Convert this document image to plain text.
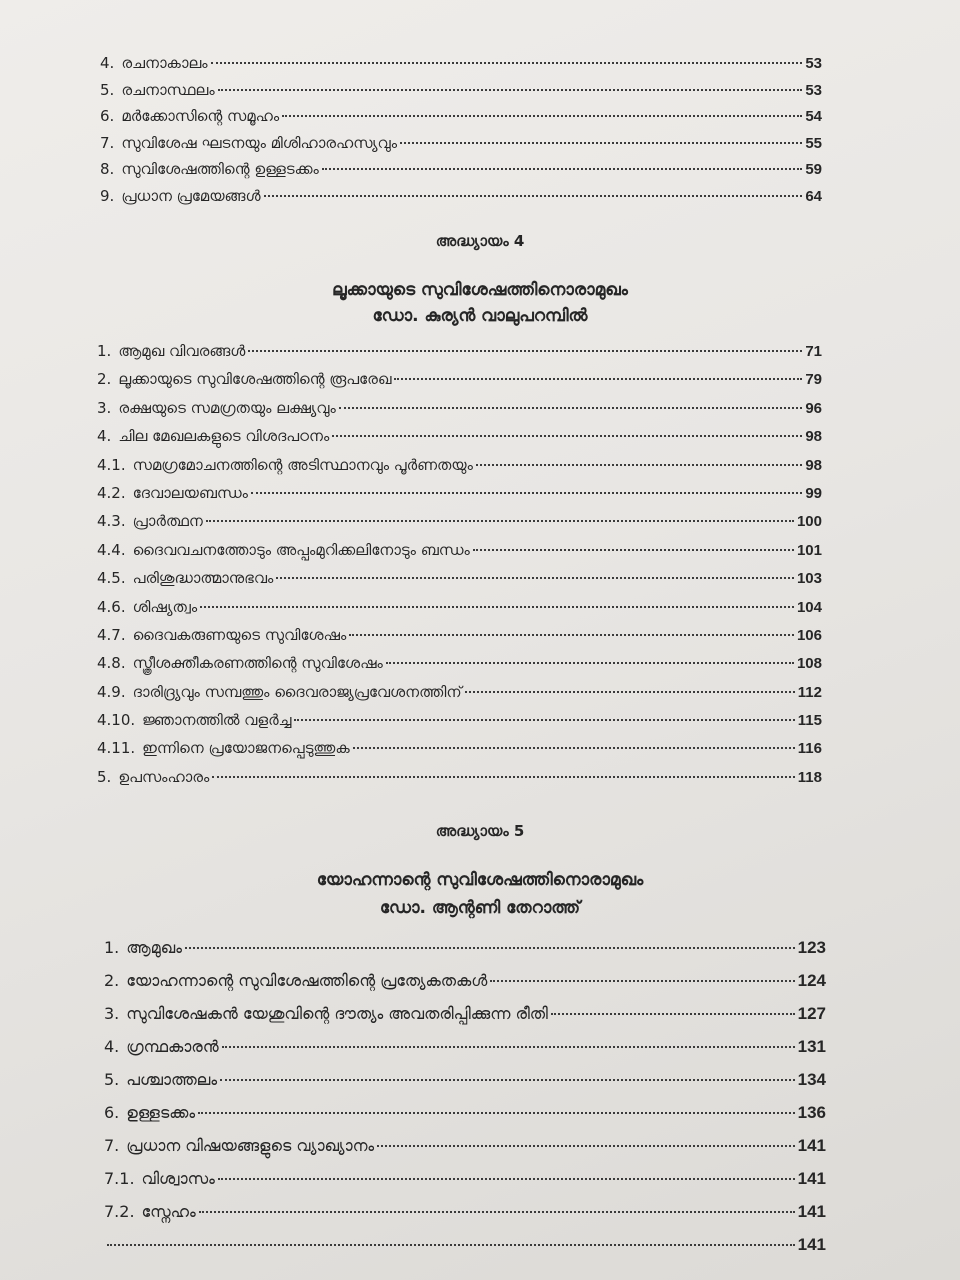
4. രചനാകാലം	53
5. രചനാസ്ഥലം	53
6. മർക്കോസിന്റെ സമൂഹം	54
7. സുവിശേഷ ഘടനയും മിശിഹാരഹസ്യവും	55
8. സുവിശേഷത്തിന്റെ ഉള്ളടക്കം	59
9. പ്രധാന പ്രമേയങ്ങൾ	64
അദ്ധ്യായം 4
ലൂക്കായുടെ സുവിശേഷത്തിനൊരാമുഖം
ഡോ. കുര്യൻ വാലുപറമ്പിൽ
1. ആമുഖ വിവരങ്ങൾ	71
2. ലൂക്കായുടെ സുവിശേഷത്തിന്റെ രൂപരേഖ	79
3. രക്ഷയുടെ സമഗ്രതയും ലക്ഷ്യവും	96
4. ചില മേഖലകളുടെ വിശദപഠനം	98
4.1. സമഗ്രമോചനത്തിന്റെ അടിസ്ഥാനവും പൂർണതയും	98
4.2. ദേവാലയബന്ധം	99
4.3. പ്രാർത്ഥന	100
4.4. ദൈവവചനത്തോടും അപ്പംമുറിക്കലിനോടും ബന്ധം	101
4.5. പരിശുദ്ധാത്മാനുഭവം	103
4.6. ശിഷ്യത്വം	104
4.7. ദൈവകരുണയുടെ സുവിശേഷം	106
4.8. സ്ത്രീശക്തീകരണത്തിന്റെ സുവിശേഷം	108
4.9. ദാരിദ്ര്യവും സമ്പത്തും ദൈവരാജ്യപ്രവേശനത്തിന്	112
4.10. ജ്ഞാനത്തിൽ വളർച്ച	115
4.11. ഇന്നിനെ പ്രയോജനപ്പെടുത്തുക	116
5. ഉപസംഹാരം	118
അദ്ധ്യായം 5
യോഹന്നാന്റെ സുവിശേഷത്തിനൊരാമുഖം
ഡോ. ആന്റണി തേറാത്ത്
1. ആമുഖം	123
2. യോഹന്നാന്റെ സുവിശേഷത്തിന്റെ പ്രത്യേകതകൾ	124
3. സുവിശേഷകൻ യേശുവിന്റെ ദൗത്യം അവതരിപ്പിക്കുന്ന രീതി	127
4. ഗ്രന്ഥകാരൻ	131
5. പശ്ചാത്തലം	134
6. ഉള്ളടക്കം	136
7. പ്രധാന വിഷയങ്ങളുടെ വ്യാഖ്യാനം	141
7.1. വിശ്വാസം	141
7.2. സ്നേഹം	141
141
